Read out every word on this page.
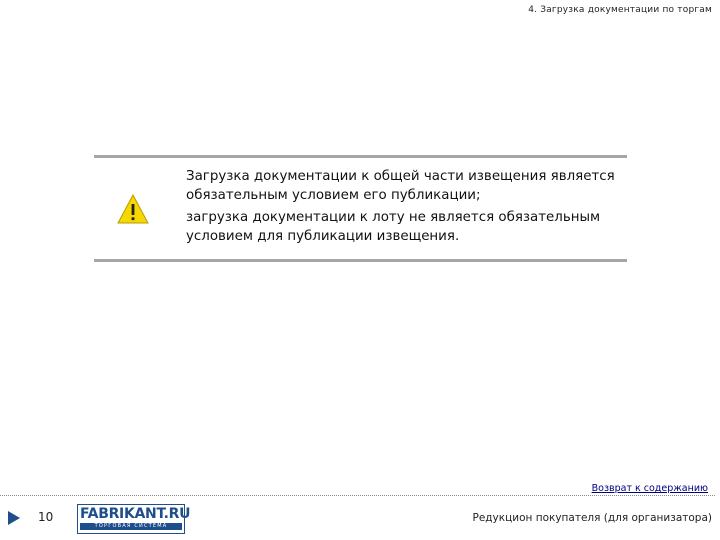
4. Загрузка документации по торгам

Загрузка документации к общей части извещения является обязательным условием его публикации;

загрузка документации к лоту не является обязательным условием для публикации извещения.

Возврат к содержанию
10 FABRIKANT.RU
ТОРГОВАЯ СИСТЕМА
Редукцион покупателя (для организатора)
